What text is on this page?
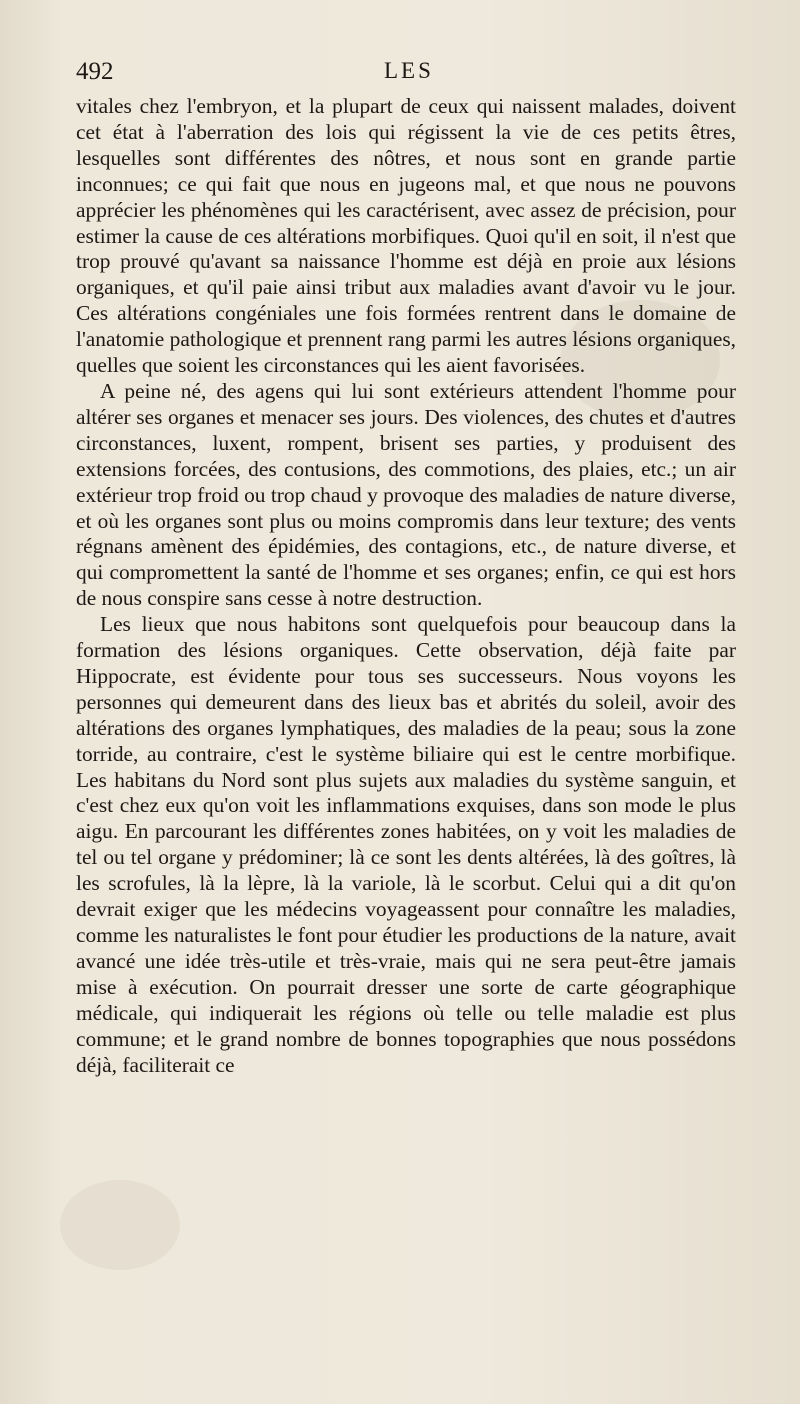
492	LES

vitales chez l'embryon, et la plupart de ceux qui naissent malades, doivent cet état à l'aberration des lois qui régissent la vie de ces petits êtres, lesquelles sont différentes des nôtres, et nous sont en grande partie inconnues; ce qui fait que nous en jugeons mal, et que nous ne pouvons apprécier les phénomènes qui les caractérisent, avec assez de précision, pour estimer la cause de ces altérations morbifiques. Quoi qu'il en soit, il n'est que trop prouvé qu'avant sa naissance l'homme est déjà en proie aux lésions organiques, et qu'il paie ainsi tribut aux maladies avant d'avoir vu le jour. Ces altérations congéniales une fois formées rentrent dans le domaine de l'anatomie pathologique et prennent rang parmi les autres lésions organiques, quelles que soient les circonstances qui les aient favorisées.

A peine né, des agens qui lui sont extérieurs attendent l'homme pour altérer ses organes et menacer ses jours. Des violences, des chutes et d'autres circonstances, luxent, rompent, brisent ses parties, y produisent des extensions forcées, des contusions, des commotions, des plaies, etc.; un air extérieur trop froid ou trop chaud y provoque des maladies de nature diverse, et où les organes sont plus ou moins compromis dans leur texture; des vents régnans amènent des épidémies, des contagions, etc., de nature diverse, et qui compromettent la santé de l'homme et ses organes; enfin, ce qui est hors de nous conspire sans cesse à notre destruction.

Les lieux que nous habitons sont quelquefois pour beaucoup dans la formation des lésions organiques. Cette observation, déjà faite par Hippocrate, est évidente pour tous ses successeurs. Nous voyons les personnes qui demeurent dans des lieux bas et abrités du soleil, avoir des altérations des organes lymphatiques, des maladies de la peau; sous la zone torride, au contraire, c'est le système biliaire qui est le centre morbifique. Les habitans du Nord sont plus sujets aux maladies du système sanguin, et c'est chez eux qu'on voit les inflammations exquises, dans son mode le plus aigu. En parcourant les différentes zones habitées, on y voit les maladies de tel ou tel organe y prédominer; là ce sont les dents altérées, là des goîtres, là les scrofules, là la lèpre, là la variole, là le scorbut. Celui qui a dit qu'on devrait exiger que les médecins voyageassent pour connaître les maladies, comme les naturalistes le font pour étudier les productions de la nature, avait avancé une idée très-utile et très-vraie, mais qui ne sera peut-être jamais mise à exécution. On pourrait dresser une sorte de carte géographique médicale, qui indiquerait les régions où telle ou telle maladie est plus commune; et le grand nombre de bonnes topographies que nous possédons déjà, faciliterait ce
